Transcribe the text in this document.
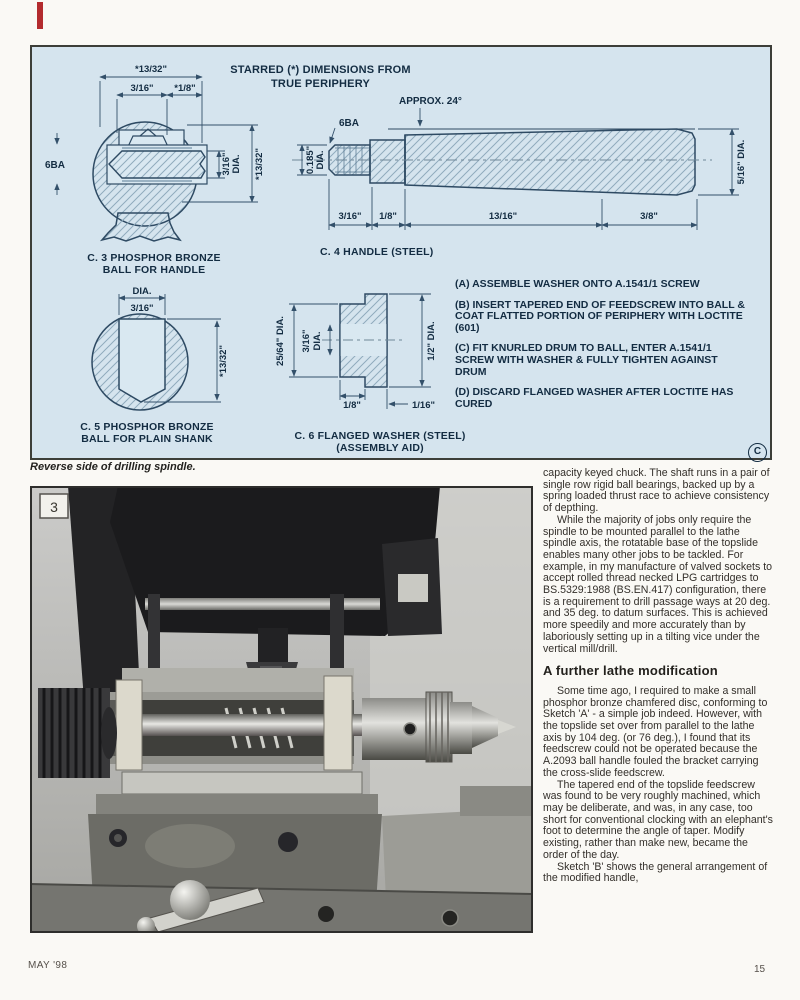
*13/32"
3/16" *1/8"
6BA	3/16" DIA. *13/32"
APPROX. 24°
6BA
0.185" DIA.	5/16" DIA.
3/16" 1/8"	13/16"	3/8"
DIA.
3/16"
*13/32"	25/64" DIA. 3/16" DIA.	1/2" DIA.
1/8"	1/16"
STARRED (*) DIMENSIONS FROM
TRUE PERIPHERY
C. 3 PHOSPHOR BRONZE
BALL FOR HANDLE
C. 4 HANDLE (STEEL)
C. 5 PHOSPHOR BRONZE
BALL FOR PLAIN SHANK	C. 6 FLANGED WASHER (STEEL)
(ASSEMBLY AID)

(A) ASSEMBLE WASHER ONTO A.1541/1 SCREW

(B) INSERT TAPERED END OF FEEDSCREW INTO BALL & COAT FLATTED PORTION OF PERIPHERY WITH LOCTITE (601)

(C) FIT KNURLED DRUM TO BALL, ENTER A.1541/1 SCREW WITH WASHER & FULLY TIGHTEN AGAINST DRUM

(D) DISCARD FLANGED WASHER AFTER LOCTITE HAS CURED

C
Reverse side of drilling spindle.
3

capacity keyed chuck. The shaft runs in a pair of single row rigid ball bearings, backed up by a spring loaded thrust race to achieve consistency of depthing.

While the majority of jobs only require the spindle to be mounted parallel to the lathe spindle axis, the rotatable base of the topslide enables many other jobs to be tackled. For example, in my manufacture of valved sockets to accept rolled thread necked LPG cartridges to BS.5329:1988 (BS.EN.417) configuration, there is a requirement to drill passage ways at 20 deg. and 35 deg. to datum surfaces. This is achieved more speedily and more accurately than by laboriously setting up in a tilting vice under the vertical mill/drill.

A further lathe modification

Some time ago, I required to make a small phosphor bronze chamfered disc, conforming to Sketch 'A' - a simple job indeed. However, with the topslide set over from parallel to the lathe axis by 104 deg. (or 76 deg.), I found that its feedscrew could not be operated because the A.2093 ball handle fouled the bracket carrying the cross-slide feedscrew.

The tapered end of the topslide feedscrew was found to be very roughly machined, which may be deliberate, and was, in any case, too short for conventional clocking with an elephant's foot to determine the angle of taper. Modify existing, rather than make new, became the order of the day.

Sketch 'B' shows the general arrangement of the modified handle,

MAY '98	15
